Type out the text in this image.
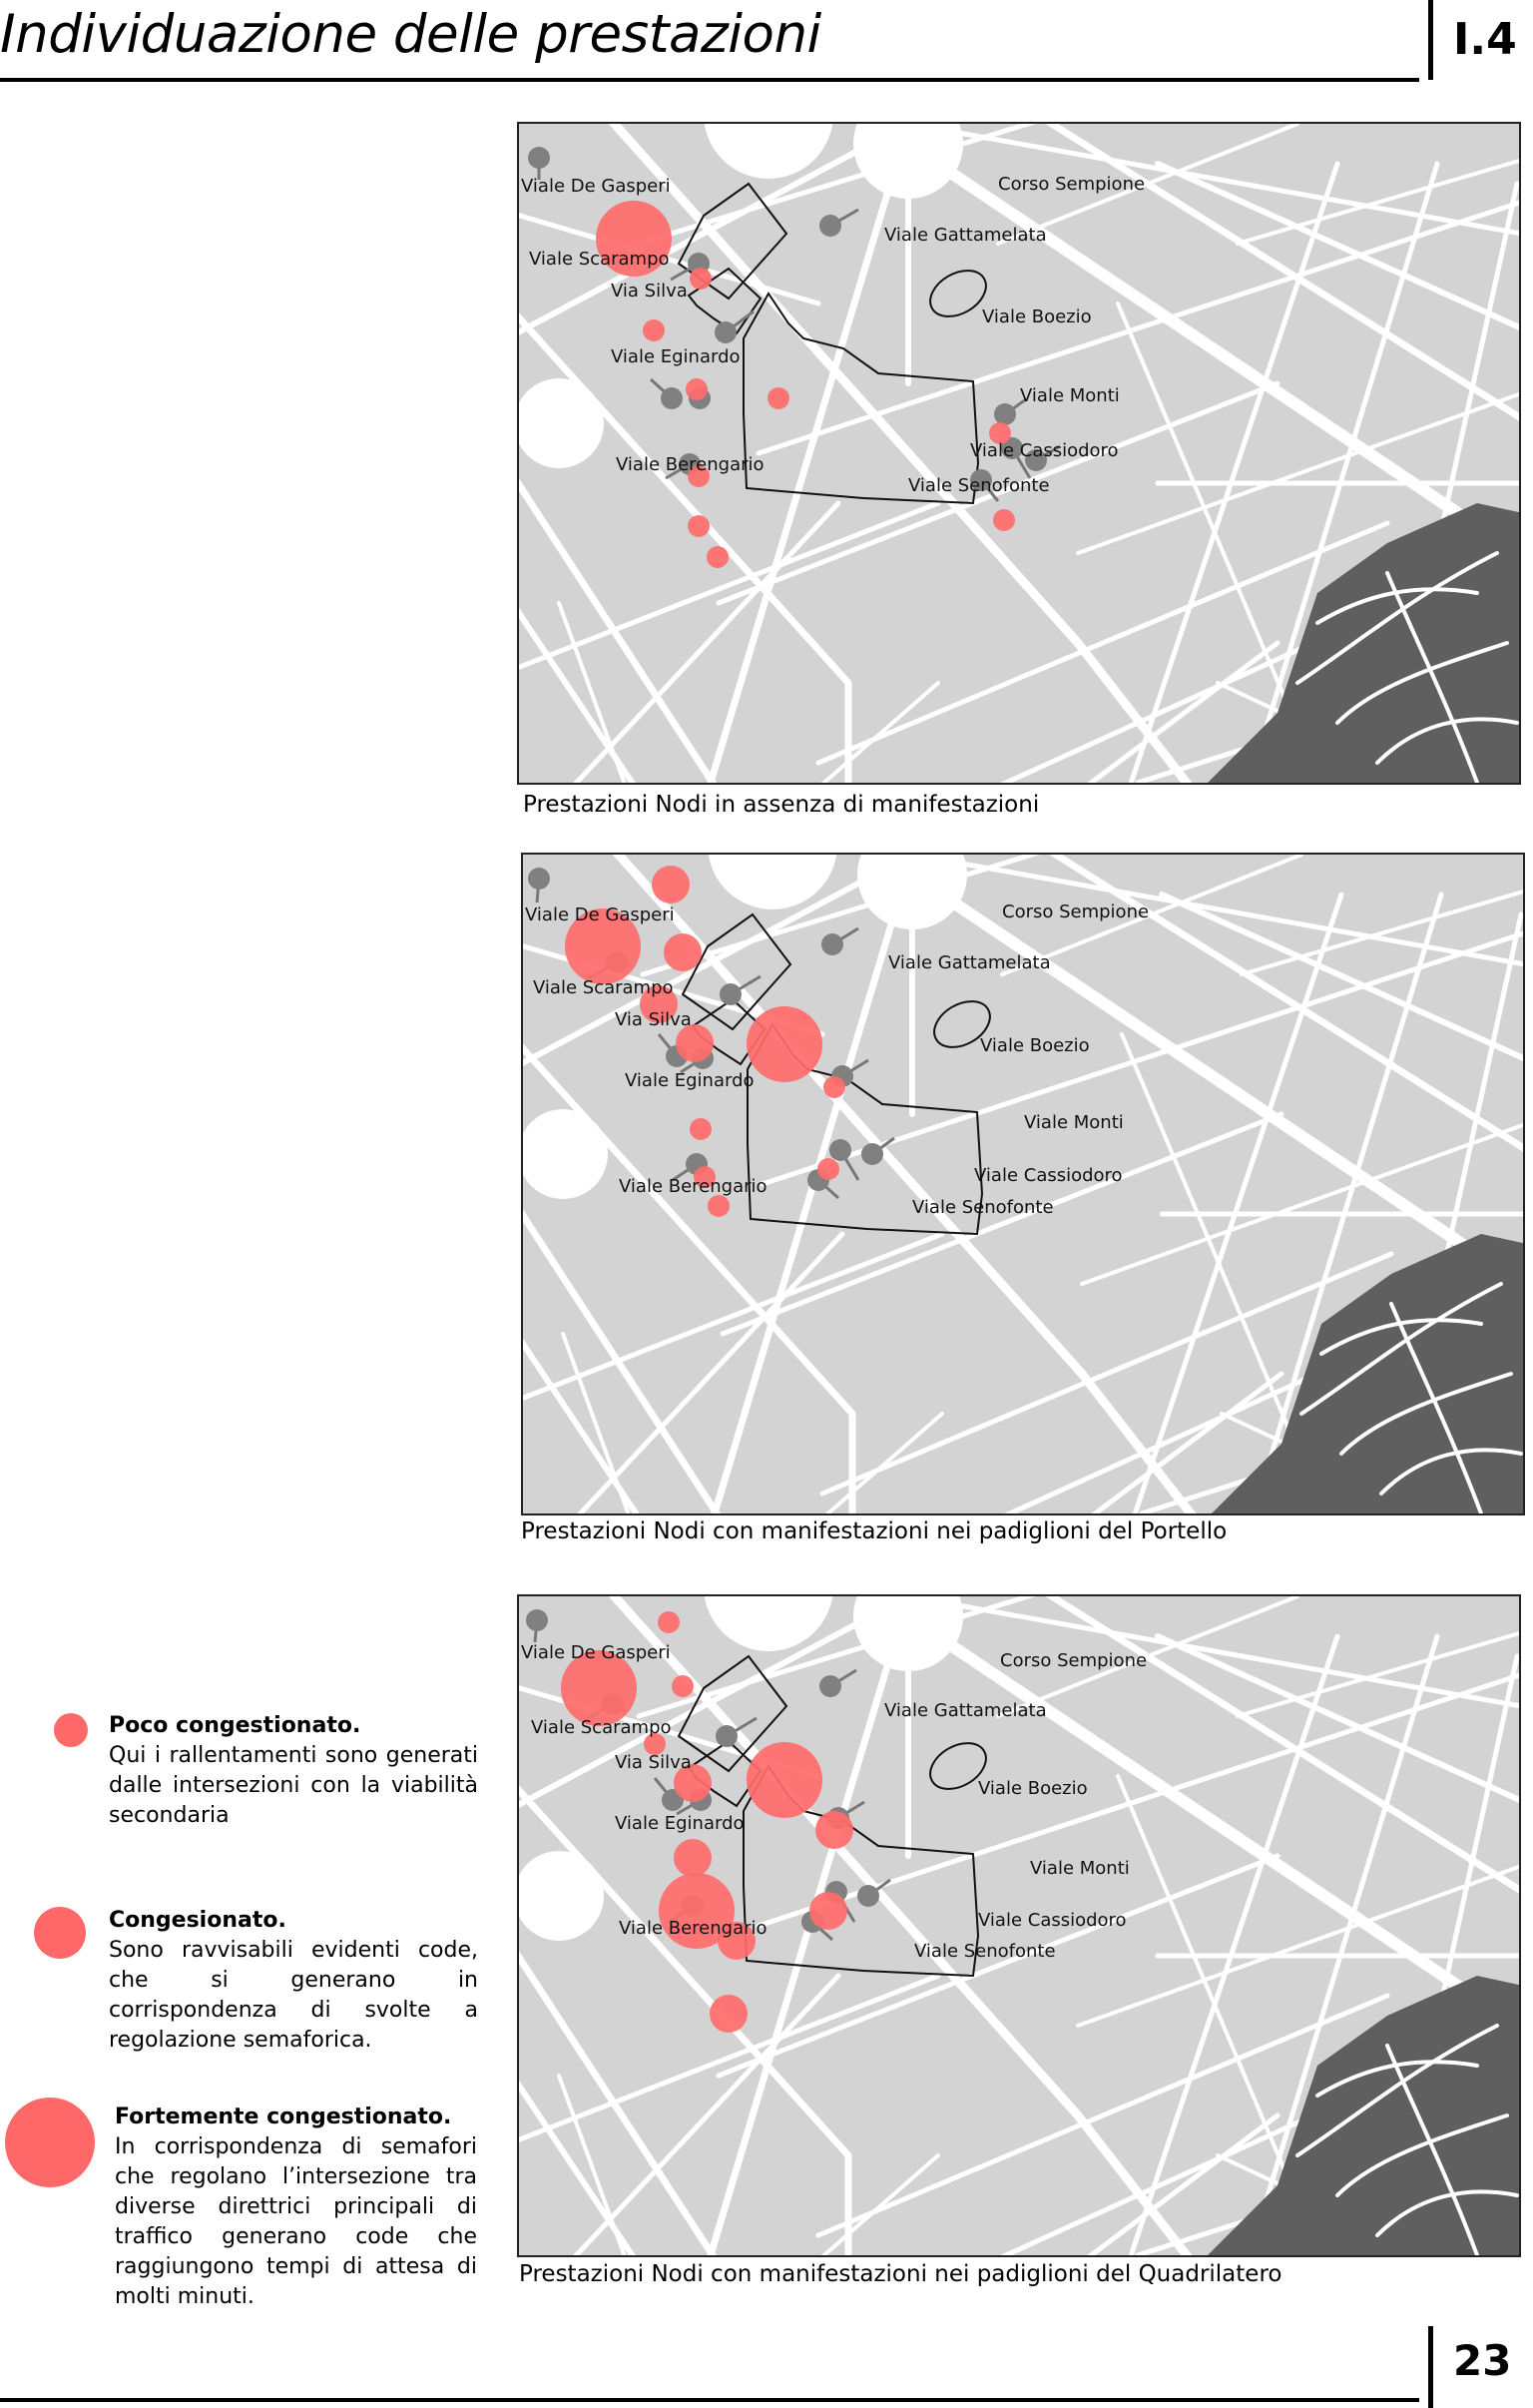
Individuazione delle prestazioni	I.4
Viale De Gasperi	Corso Sempione
Viale Gattamelata
Viale Scarampo
Via Silva
Viale Boezio
Viale Eginardo
Viale Monti
Viale Cassiodoro
Viale Berengario
Viale Senofonte
Prestazioni Nodi in assenza di manifestazioni
Viale De Gasperi	Corso Sempione
Viale Gattamelata
Viale Scarampo
Via Silva
Viale Boezio
Viale Eginardo
Viale Monti
Viale Cassiodoro
Viale Berengario
Viale Senofonte
Prestazioni Nodi con manifestazioni nei padiglioni del Portello
Viale De Gasperi	Corso Sempione
Viale Gattamelata
Viale Scarampo
Via Silva
Viale Boezio
Viale Eginardo
Viale Monti
Viale Cassiodoro
Viale Berengario
Viale Senofonte
Prestazioni Nodi con manifestazioni nei padiglioni del Quadrilatero
Poco congestionato.
Qui i rallentamenti sono generati dalle intersezioni con la viabilità secondaria
Congesionato.
Sono ravvisabili evidenti code, che si generano in corrispondenza di svolte a regolazione semaforica.
Fortemente congestionato.
In corrispondenza di semafori che regolano l’intersezione tra diverse direttrici principali di traffico generano code che raggiungono tempi di attesa di molti minuti.
23
